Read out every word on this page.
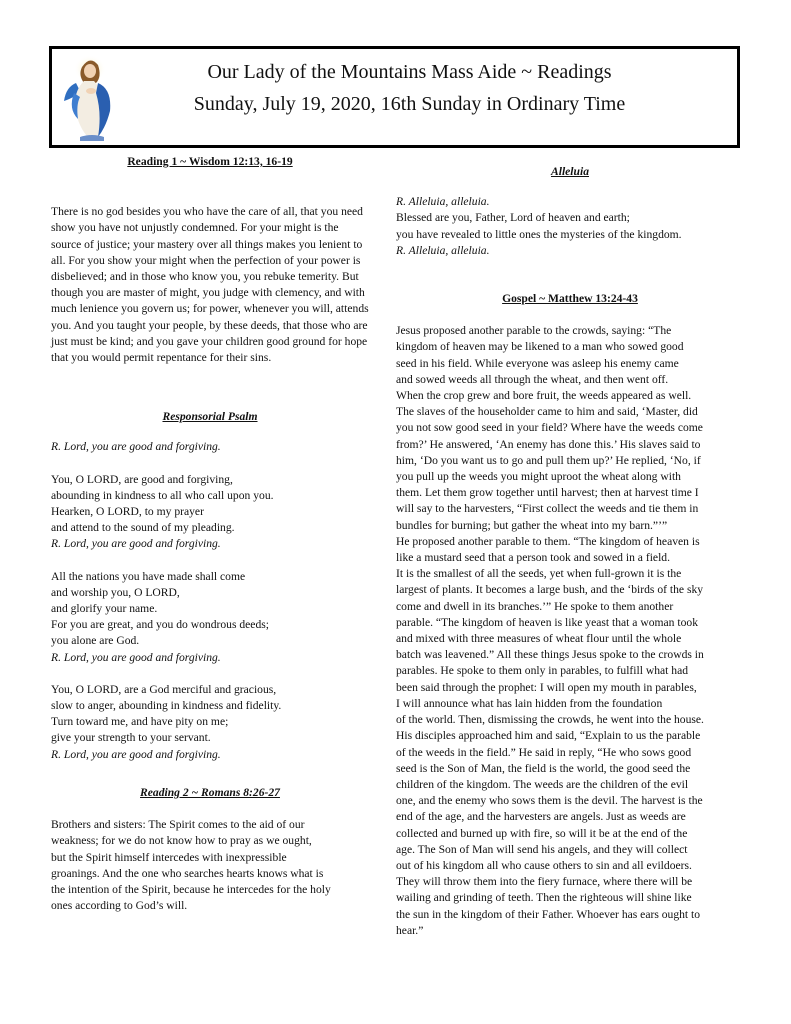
Our Lady of the Mountains Mass Aide ~ Readings
Sunday, July 19, 2020, 16th Sunday in Ordinary Time

Reading 1 ~ Wisdom 12:13, 16-19

There is no god besides you who have the care of all, that you need show you have not unjustly condemned. For your might is the source of justice; your mastery over all things makes you lenient to all. For you show your might when the perfection of your power is disbelieved; and in those who know you, you rebuke temerity. But though you are master of might, you judge with clemency, and with much lenience you govern us; for power, whenever you will, attends you. And you taught your people, by these deeds, that those who are just must be kind; and you gave your children good ground for hope that you would permit repentance for their sins.

Responsorial Psalm

R. Lord, you are good and forgiving.

You, O LORD, are good and forgiving,
abounding in kindness to all who call upon you.
Hearken, O LORD, to my prayer
and attend to the sound of my pleading.
R. Lord, you are good and forgiving.
All the nations you have made shall come
and worship you, O LORD,
and glorify your name.
For you are great, and you do wondrous deeds;
you alone are God.
R. Lord, you are good and forgiving.
You, O LORD, are a God merciful and gracious,
slow to anger, abounding in kindness and fidelity.
Turn toward me, and have pity on me;
give your strength to your servant.
R. Lord, you are good and forgiving.

Reading 2 ~ Romans 8:26-27

Brothers and sisters: The Spirit comes to the aid of our
weakness; for we do not know how to pray as we ought,
but the Spirit himself intercedes with inexpressible
groanings. And the one who searches hearts knows what is
the intention of the Spirit, because he intercedes for the holy
ones according to God’s will.

Alleluia

R. Alleluia, alleluia.
Blessed are you, Father, Lord of heaven and earth;
you have revealed to little ones the mysteries of the kingdom.
R. Alleluia, alleluia.

Gospel ~ Matthew 13:24-43

Jesus proposed another parable to the crowds, saying: “The
kingdom of heaven may be likened to a man who sowed good
seed in his field. While everyone was asleep his enemy came
and sowed weeds all through the wheat, and then went off.
When the crop grew and bore fruit, the weeds appeared as well.
The slaves of the householder came to him and said, ‘Master, did
you not sow good seed in your field? Where have the weeds come
from?’ He answered, ‘An enemy has done this.’ His slaves said to
him, ‘Do you want us to go and pull them up?’ He replied, ‘No, if
you pull up the weeds you might uproot the wheat along with
them. Let them grow together until harvest; then at harvest time I
will say to the harvesters, “First collect the weeds and tie them in
bundles for burning; but gather the wheat into my barn.”’”
He proposed another parable to them. “The kingdom of heaven is
like a mustard seed that a person took and sowed in a field.
It is the smallest of all the seeds, yet when full-grown it is the
largest of plants. It becomes a large bush, and the ‘birds of the sky
come and dwell in its branches.’” He spoke to them another
parable. “The kingdom of heaven is like yeast that a woman took
and mixed with three measures of wheat flour until the whole
batch was leavened.” All these things Jesus spoke to the crowds in
parables. He spoke to them only in parables, to fulfill what had
been said through the prophet: I will open my mouth in parables,
I will announce what has lain hidden from the foundation
of the world. Then, dismissing the crowds, he went into the house.
His disciples approached him and said, “Explain to us the parable
of the weeds in the field.” He said in reply, “He who sows good
seed is the Son of Man, the field is the world, the good seed the
children of the kingdom. The weeds are the children of the evil
one, and the enemy who sows them is the devil. The harvest is the
end of the age, and the harvesters are angels. Just as weeds are
collected and burned up with fire, so will it be at the end of the
age. The Son of Man will send his angels, and they will collect
out of his kingdom all who cause others to sin and all evildoers.
They will throw them into the fiery furnace, where there will be
wailing and grinding of teeth. Then the righteous will shine like
the sun in the kingdom of their Father. Whoever has ears ought to
hear.”
